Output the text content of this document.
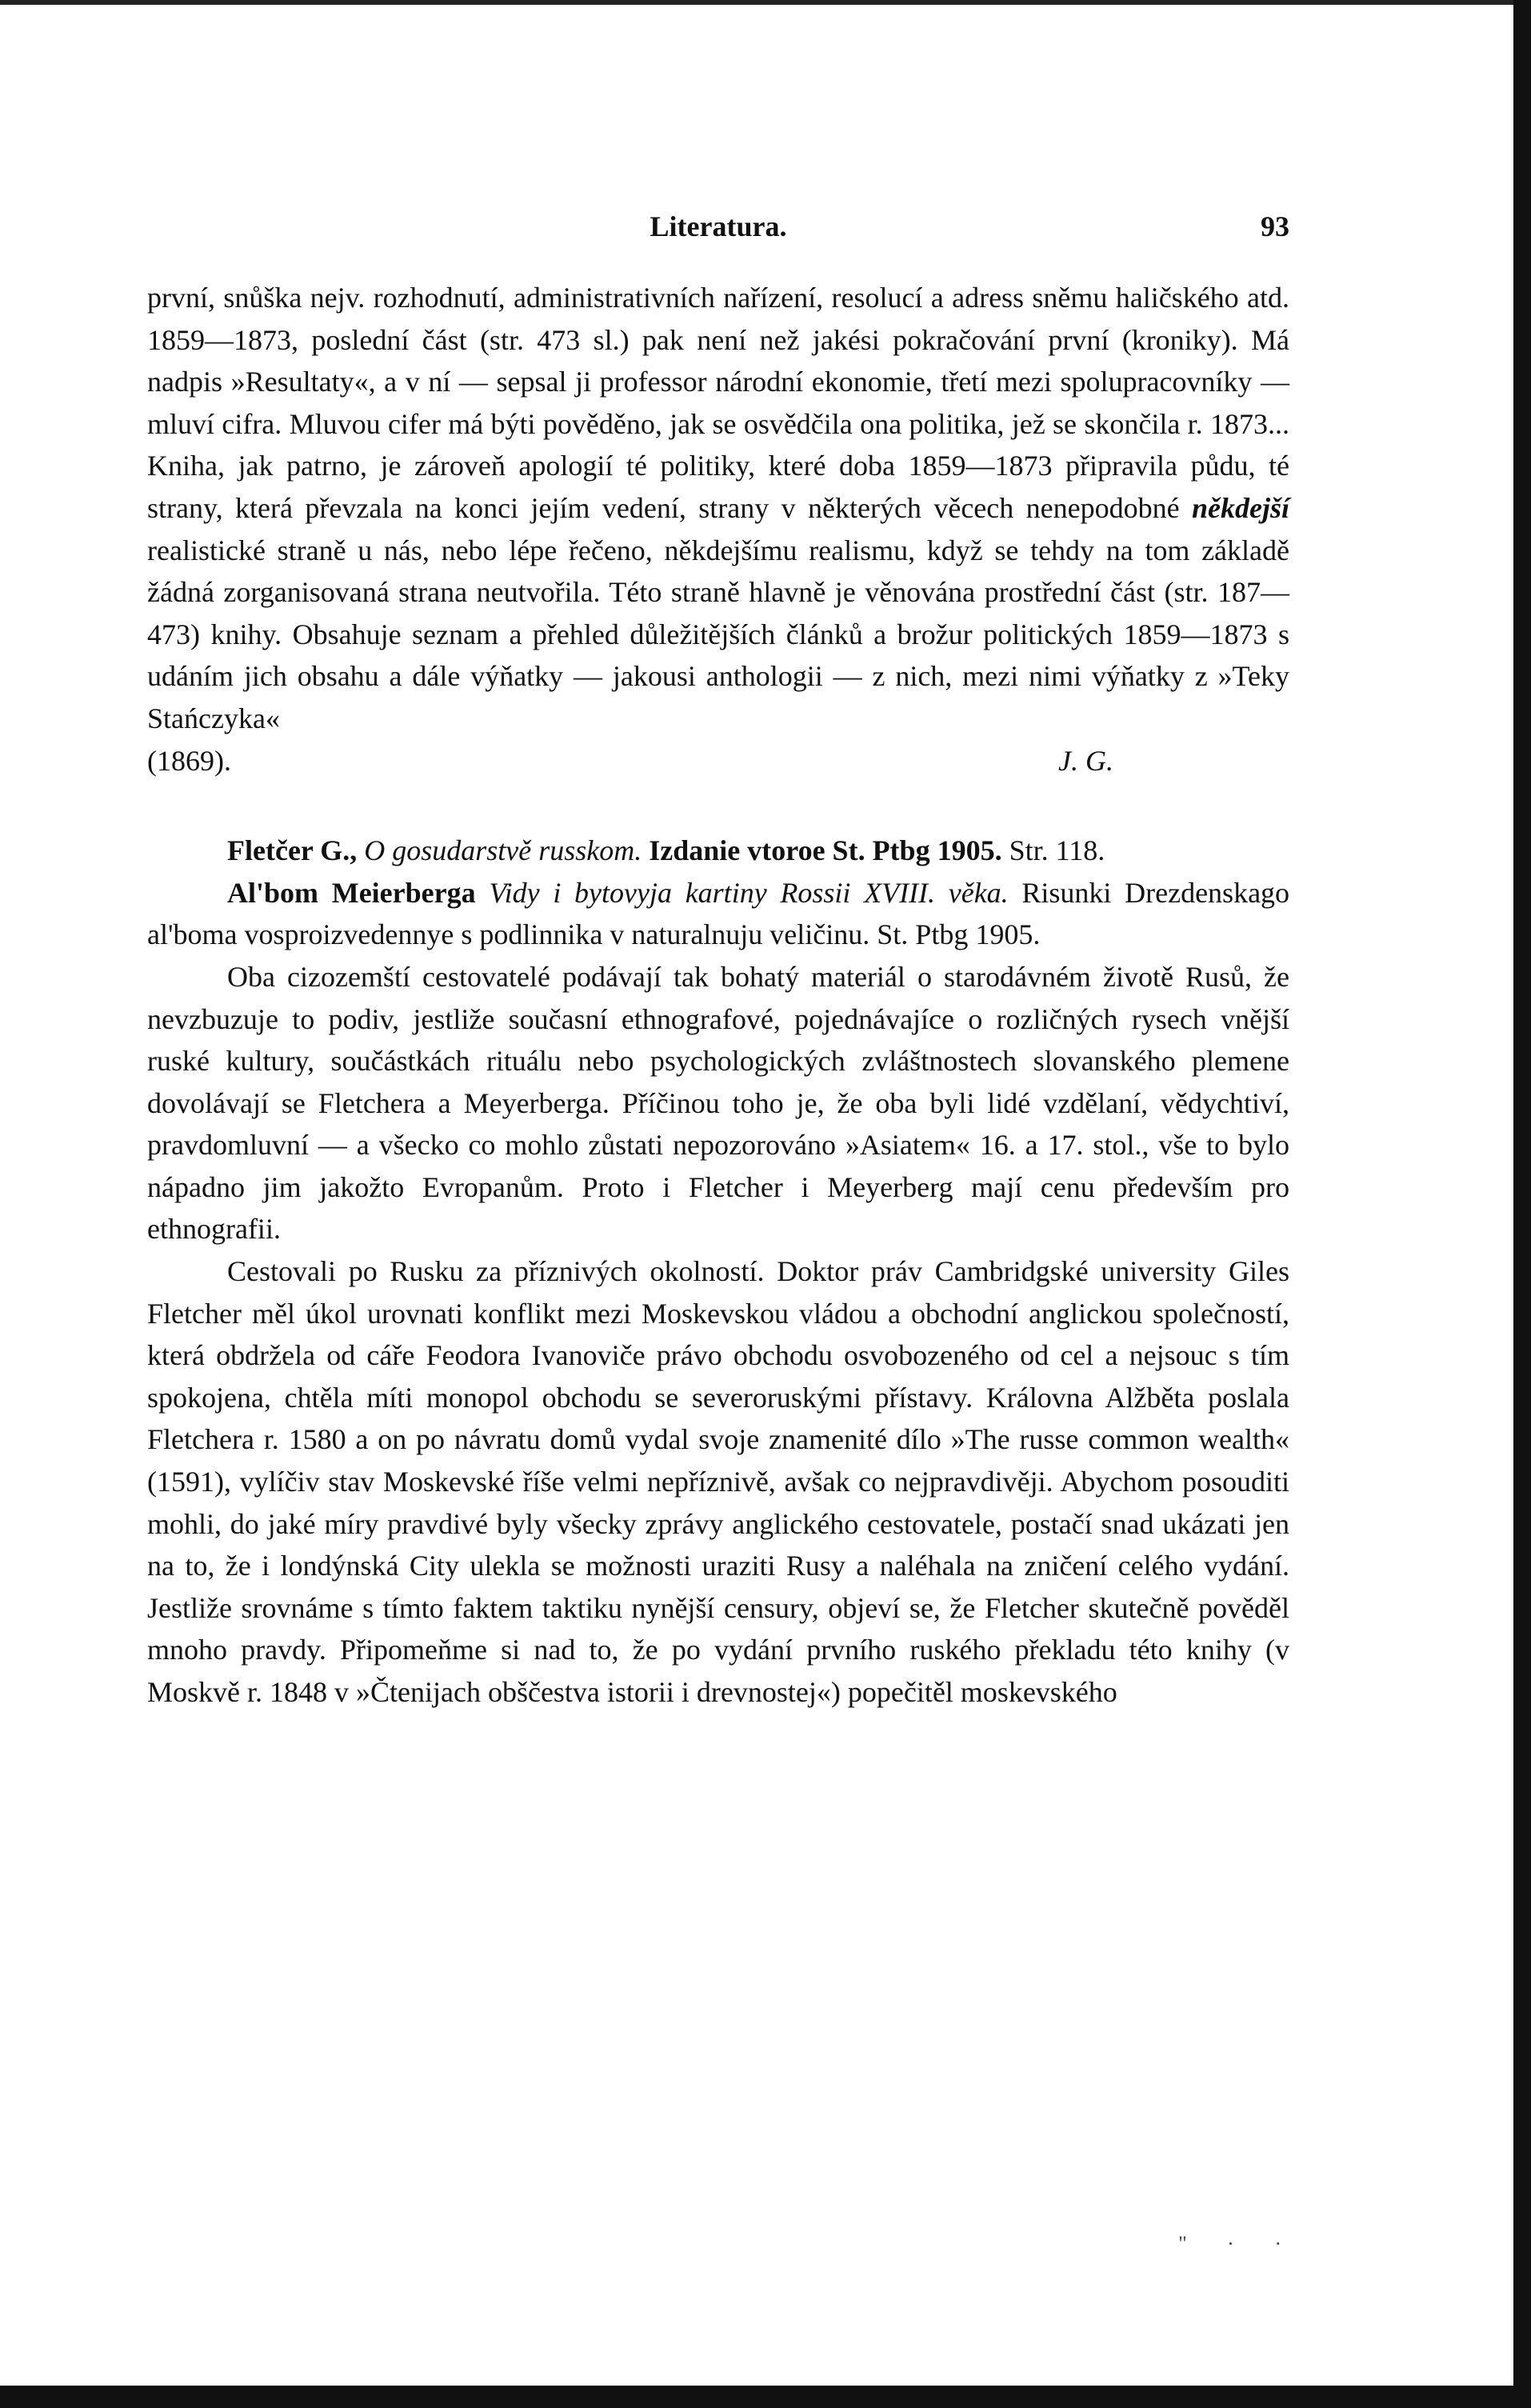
Literatura.	93

první, snůška nejv. rozhodnutí, administrativních nařízení, resolucí a adress sněmu haličského atd. 1859—1873, poslední část (str. 473 sl.) pak není než jakési pokračování první (kroniky). Má nadpis »Resultaty«, a v ní — sepsal ji professor národní ekonomie, třetí mezi spolupracovníky — mluví cifra. Mluvou cifer má býti pověděno, jak se osvědčila ona politika, jež se skončila r. 1873... Kniha, jak patrno, je zároveň apologií té politiky, které doba 1859—1873 připravila půdu, té strany, která převzala na konci jejím vedení, strany v některých věcech nenepodobné někdejší realistické straně u nás, nebo lépe řečeno, někdejšímu realismu, když se tehdy na tom základě žádná zorganisovaná strana neutvořila. Této straně hlavně je věnována prostřední část (str. 187—473) knihy. Obsahuje seznam a přehled důležitějších článků a brožur politických 1859—1873 s udáním jich obsahu a dále výňatky — jakousi anthologii — z nich, mezi nimi výňatky z »Teky Stańczyka«

(1869).	J. G.

Fletčer G., O gosudarstvě russkom. Izdanie vtoroe St. Ptbg 1905. Str. 118.

Al'bom Meierberga Vidy i bytovyja kartiny Rossii XVIII. věka. Risunki Drezdenskago al'boma vosproizvedennye s podlinnika v naturalnuju veličinu. St. Ptbg 1905.

Oba cizozemští cestovatelé podávají tak bohatý materiál o starodávném životě Rusů, že nevzbuzuje to podiv, jestliže současní ethnografové, pojednávajíce o rozličných rysech vnější ruské kultury, součástkách rituálu nebo psychologických zvláštnostech slovanského plemene dovolávají se Fletchera a Meyerberga. Příčinou toho je, že oba byli lidé vzdělaní, vědychtiví, pravdomluvní — a všecko co mohlo zůstati nepozorováno »Asiatem« 16. a 17. stol., vše to bylo nápadno jim jakožto Evropanům. Proto i Fletcher i Meyerberg mají cenu především pro ethnografii.

Cestovali po Rusku za příznivých okolností. Doktor práv Cambridgské university Giles Fletcher měl úkol urovnati konflikt mezi Moskevskou vládou a obchodní anglickou společností, která obdržela od cáře Feodora Ivanoviče právo obchodu osvobozeného od cel a nejsouc s tím spokojena, chtěla míti monopol obchodu se severoruskými přístavy. Královna Alžběta poslala Fletchera r. 1580 a on po návratu domů vydal svoje znamenité dílo »The russe common wealth« (1591), vylíčiv stav Moskevské říše velmi nepříznivě, avšak co nejpravdivěji. Abychom posouditi mohli, do jaké míry pravdivé byly všecky zprávy anglického cestovatele, postačí snad ukázati jen na to, že i londýnská City ulekla se možnosti uraziti Rusy a naléhala na zničení celého vydání. Jestliže srovnáme s tímto faktem taktiku nynější censury, objeví se, že Fletcher skutečně pověděl mnoho pravdy. Připomeňme si nad to, že po vydání prvního ruského překladu této knihy (v Moskvě r. 1848 v »Čtenijach obščestva istorii i drevnostej«) popečitěl moskevského

" · ·
